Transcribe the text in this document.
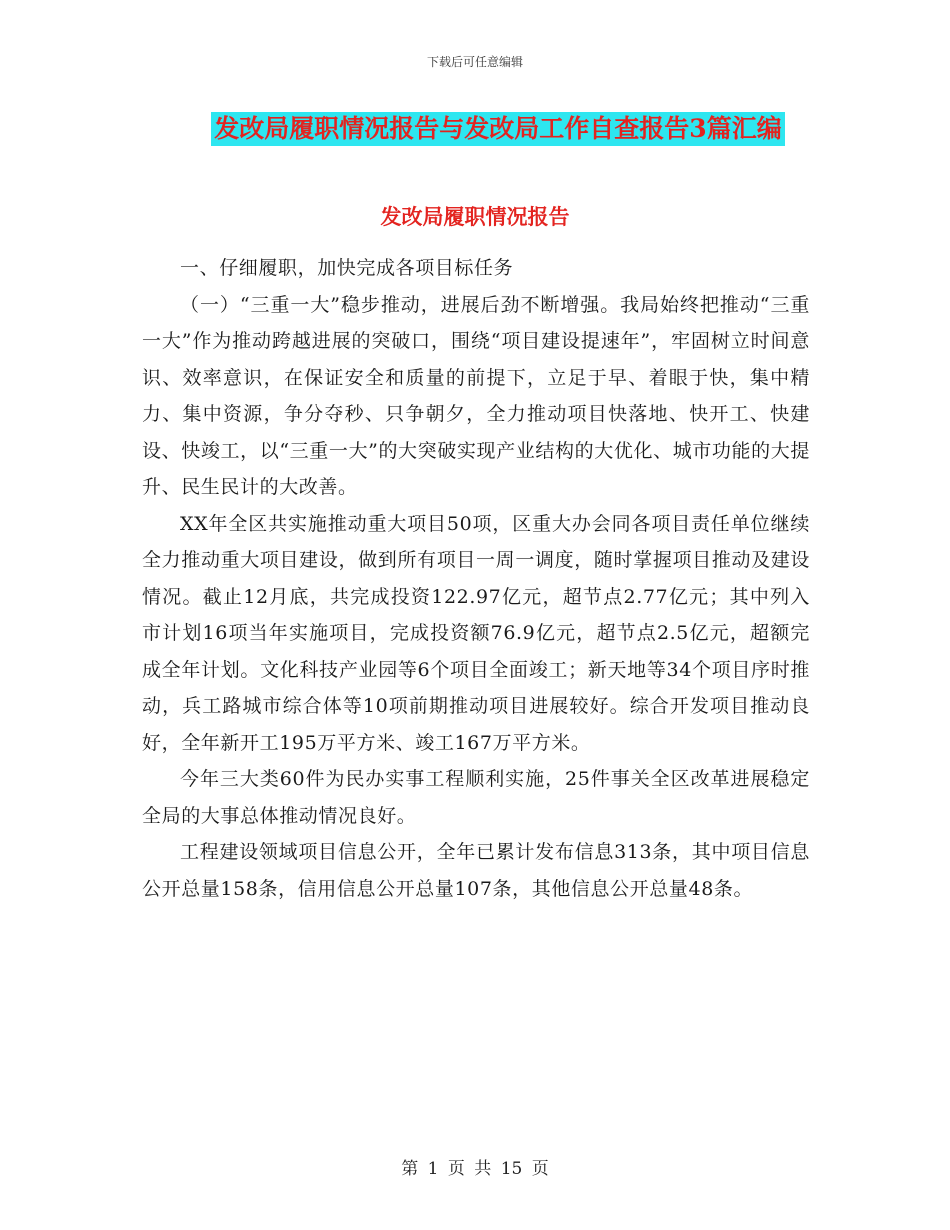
下载后可任意编辑
发改局履职情况报告与发改局工作自查报告3篇汇编
发改局履职情况报告

一、仔细履职，加快完成各项目标任务

（一）“三重一大”稳步推动，进展后劲不断增强。我局始终把推动“三重一大”作为推动跨越进展的突破口，围绕“项目建设提速年”，牢固树立时间意识、效率意识，在保证安全和质量的前提下，立足于早、着眼于快，集中精力、集中资源，争分夺秒、只争朝夕，全力推动项目快落地、快开工、快建设、快竣工，以“三重一大”的大突破实现产业结构的大优化、城市功能的大提升、民生民计的大改善。

XX年全区共实施推动重大项目50项，区重大办会同各项目责任单位继续全力推动重大项目建设，做到所有项目一周一调度，随时掌握项目推动及建设情况。截止12月底，共完成投资122.97亿元，超节点2.77亿元；其中列入市计划16项当年实施项目，完成投资额76.9亿元，超节点2.5亿元，超额完成全年计划。文化科技产业园等6个项目全面竣工；新天地等34个项目序时推动，兵工路城市综合体等10项前期推动项目进展较好。综合开发项目推动良好，全年新开工195万平方米、竣工167万平方米。

今年三大类60件为民办实事工程顺利实施，25件事关全区改革进展稳定全局的大事总体推动情况良好。

工程建设领域项目信息公开，全年已累计发布信息313条，其中项目信息公开总量158条，信用信息公开总量107条，其他信息公开总量48条。

第 1 页 共 15 页
